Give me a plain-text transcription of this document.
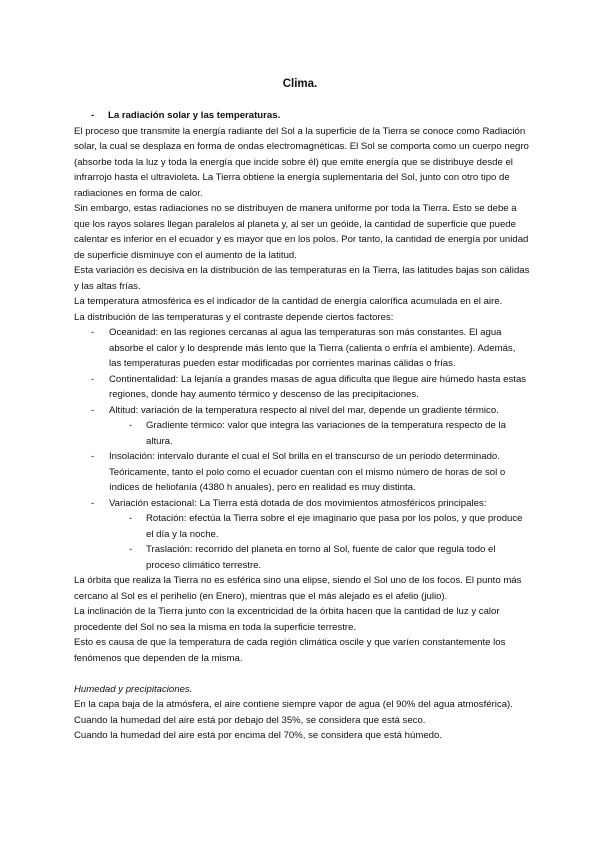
Clima.

- La radiación solar y las temperaturas.

El proceso que transmite la energía radiante del Sol a la superficie de la Tierra se conoce como Radiación solar, la cual se desplaza en forma de ondas electromagnéticas. El Sol se comporta como un cuerpo negro (absorbe toda la luz y toda la energía que incide sobre él) que emite energía que se distribuye desde el infrarrojo hasta el ultravioleta. La Tierra obtiene la energía suplementaria del Sol, junto con otro tipo de radiaciones en forma de calor.

Sin embargo, estas radiaciones no se distribuyen de manera uniforme por toda la Tierra. Esto se debe a que los rayos solares llegan paralelos al planeta y, al ser un geóide, la cantidad de superficie que puede calentar es inferior en el ecuador y es mayor que en los polos. Por tanto, la cantidad de energía por unidad de superficie disminuye con el aumento de la latitud.

Esta variación es decisiva en la distribución de las temperaturas en la Tierra, las latitudes bajas son cálidas y las altas frías.

La temperatura atmosférica es el indicador de la cantidad de energía calorífica acumulada en el aire.

La distribución de las temperaturas y el contraste depende ciertos factores:

- Oceanidad: en las regiones cercanas al agua las temperaturas son más constantes. El agua absorbe el calor y lo desprende más lento que la Tierra (calienta o enfría el ambiente). Además, las temperaturas pueden estar modificadas por corrientes marinas cálidas o frías.

- Continentalidad: La lejanía a grandes masas de agua dificulta que llegue aire húmedo hasta estas regiones, donde hay aumento térmico y descenso de las precipitaciones.

- Altitud: variación de la temperatura respecto al nivel del mar, depende un gradiente térmico.

- Gradiente térmico: valor que integra las variaciones de la temperatura respecto de la altura.

- Insolación: intervalo durante el cual el Sol brilla en el transcurso de un periodo determinado. Teóricamente, tanto el polo como el ecuador cuentan con el mismo número de horas de sol o índices de heliofanía (4380 h anuales), pero en realidad es muy distinta.

- Variación estacional: La Tierra está dotada de dos movimientos atmosféricos principales:

- Rotación: efectúa la Tierra sobre el eje imaginario que pasa por los polos, y que produce el día y la noche.

- Traslación: recorrido del planeta en torno al Sol, fuente de calor que regula todo el proceso climático terrestre.

La órbita que realiza la Tierra no es esférica sino una elipse, siendo el Sol uno de los focos. El punto más cercano al Sol es el perihelio (en Enero), mientras que el más alejado es el afelio (julio).

La inclinación de la Tierra junto con la excentricidad de la órbita hacen que la cantidad de luz y calor procedente del Sol no sea la misma en toda la superficie terrestre.

Esto es causa de que la temperatura de cada región climática oscile y que varíen constantemente los fenómenos que dependen de la misma.

Humedad y precipitaciones.

En la capa baja de la atmósfera, el aire contiene siempre vapor de agua (el 90% del agua atmosférica).

Cuando la humedad del aire está por debajo del 35%, se considera que está seco.

Cuando la humedad del aire está por encima del 70%, se considera que está húmedo.
